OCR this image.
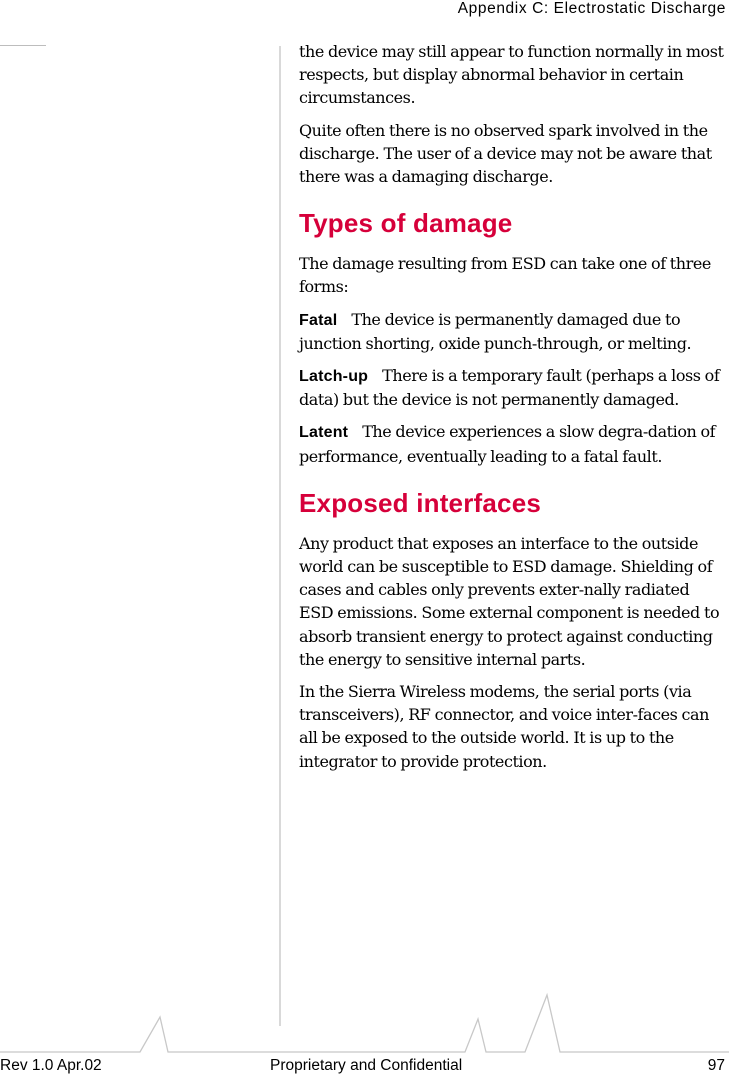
Appendix C: Electrostatic Discharge

the device may still appear to function normally in most respects, but display abnormal behavior in certain circumstances.

Quite often there is no observed spark involved in the discharge. The user of a device may not be aware that there was a damaging discharge.

Types of damage

The damage resulting from ESD can take one of three forms:

Fatal The device is permanently damaged due to junction shorting, oxide punch-through, or melting.

Latch-up There is a temporary fault (perhaps a loss of data) but the device is not permanently damaged.

Latent The device experiences a slow degra-dation of performance, eventually leading to a fatal fault.

Exposed interfaces

Any product that exposes an interface to the outside world can be susceptible to ESD damage. Shielding of cases and cables only prevents exter-nally radiated ESD emissions. Some external component is needed to absorb transient energy to protect against conducting the energy to sensitive internal parts.

In the Sierra Wireless modems, the serial ports (via transceivers), RF connector, and voice inter-faces can all be exposed to the outside world. It is up to the integrator to provide protection.

Rev 1.0 Apr.02	Proprietary and Confidential	97
